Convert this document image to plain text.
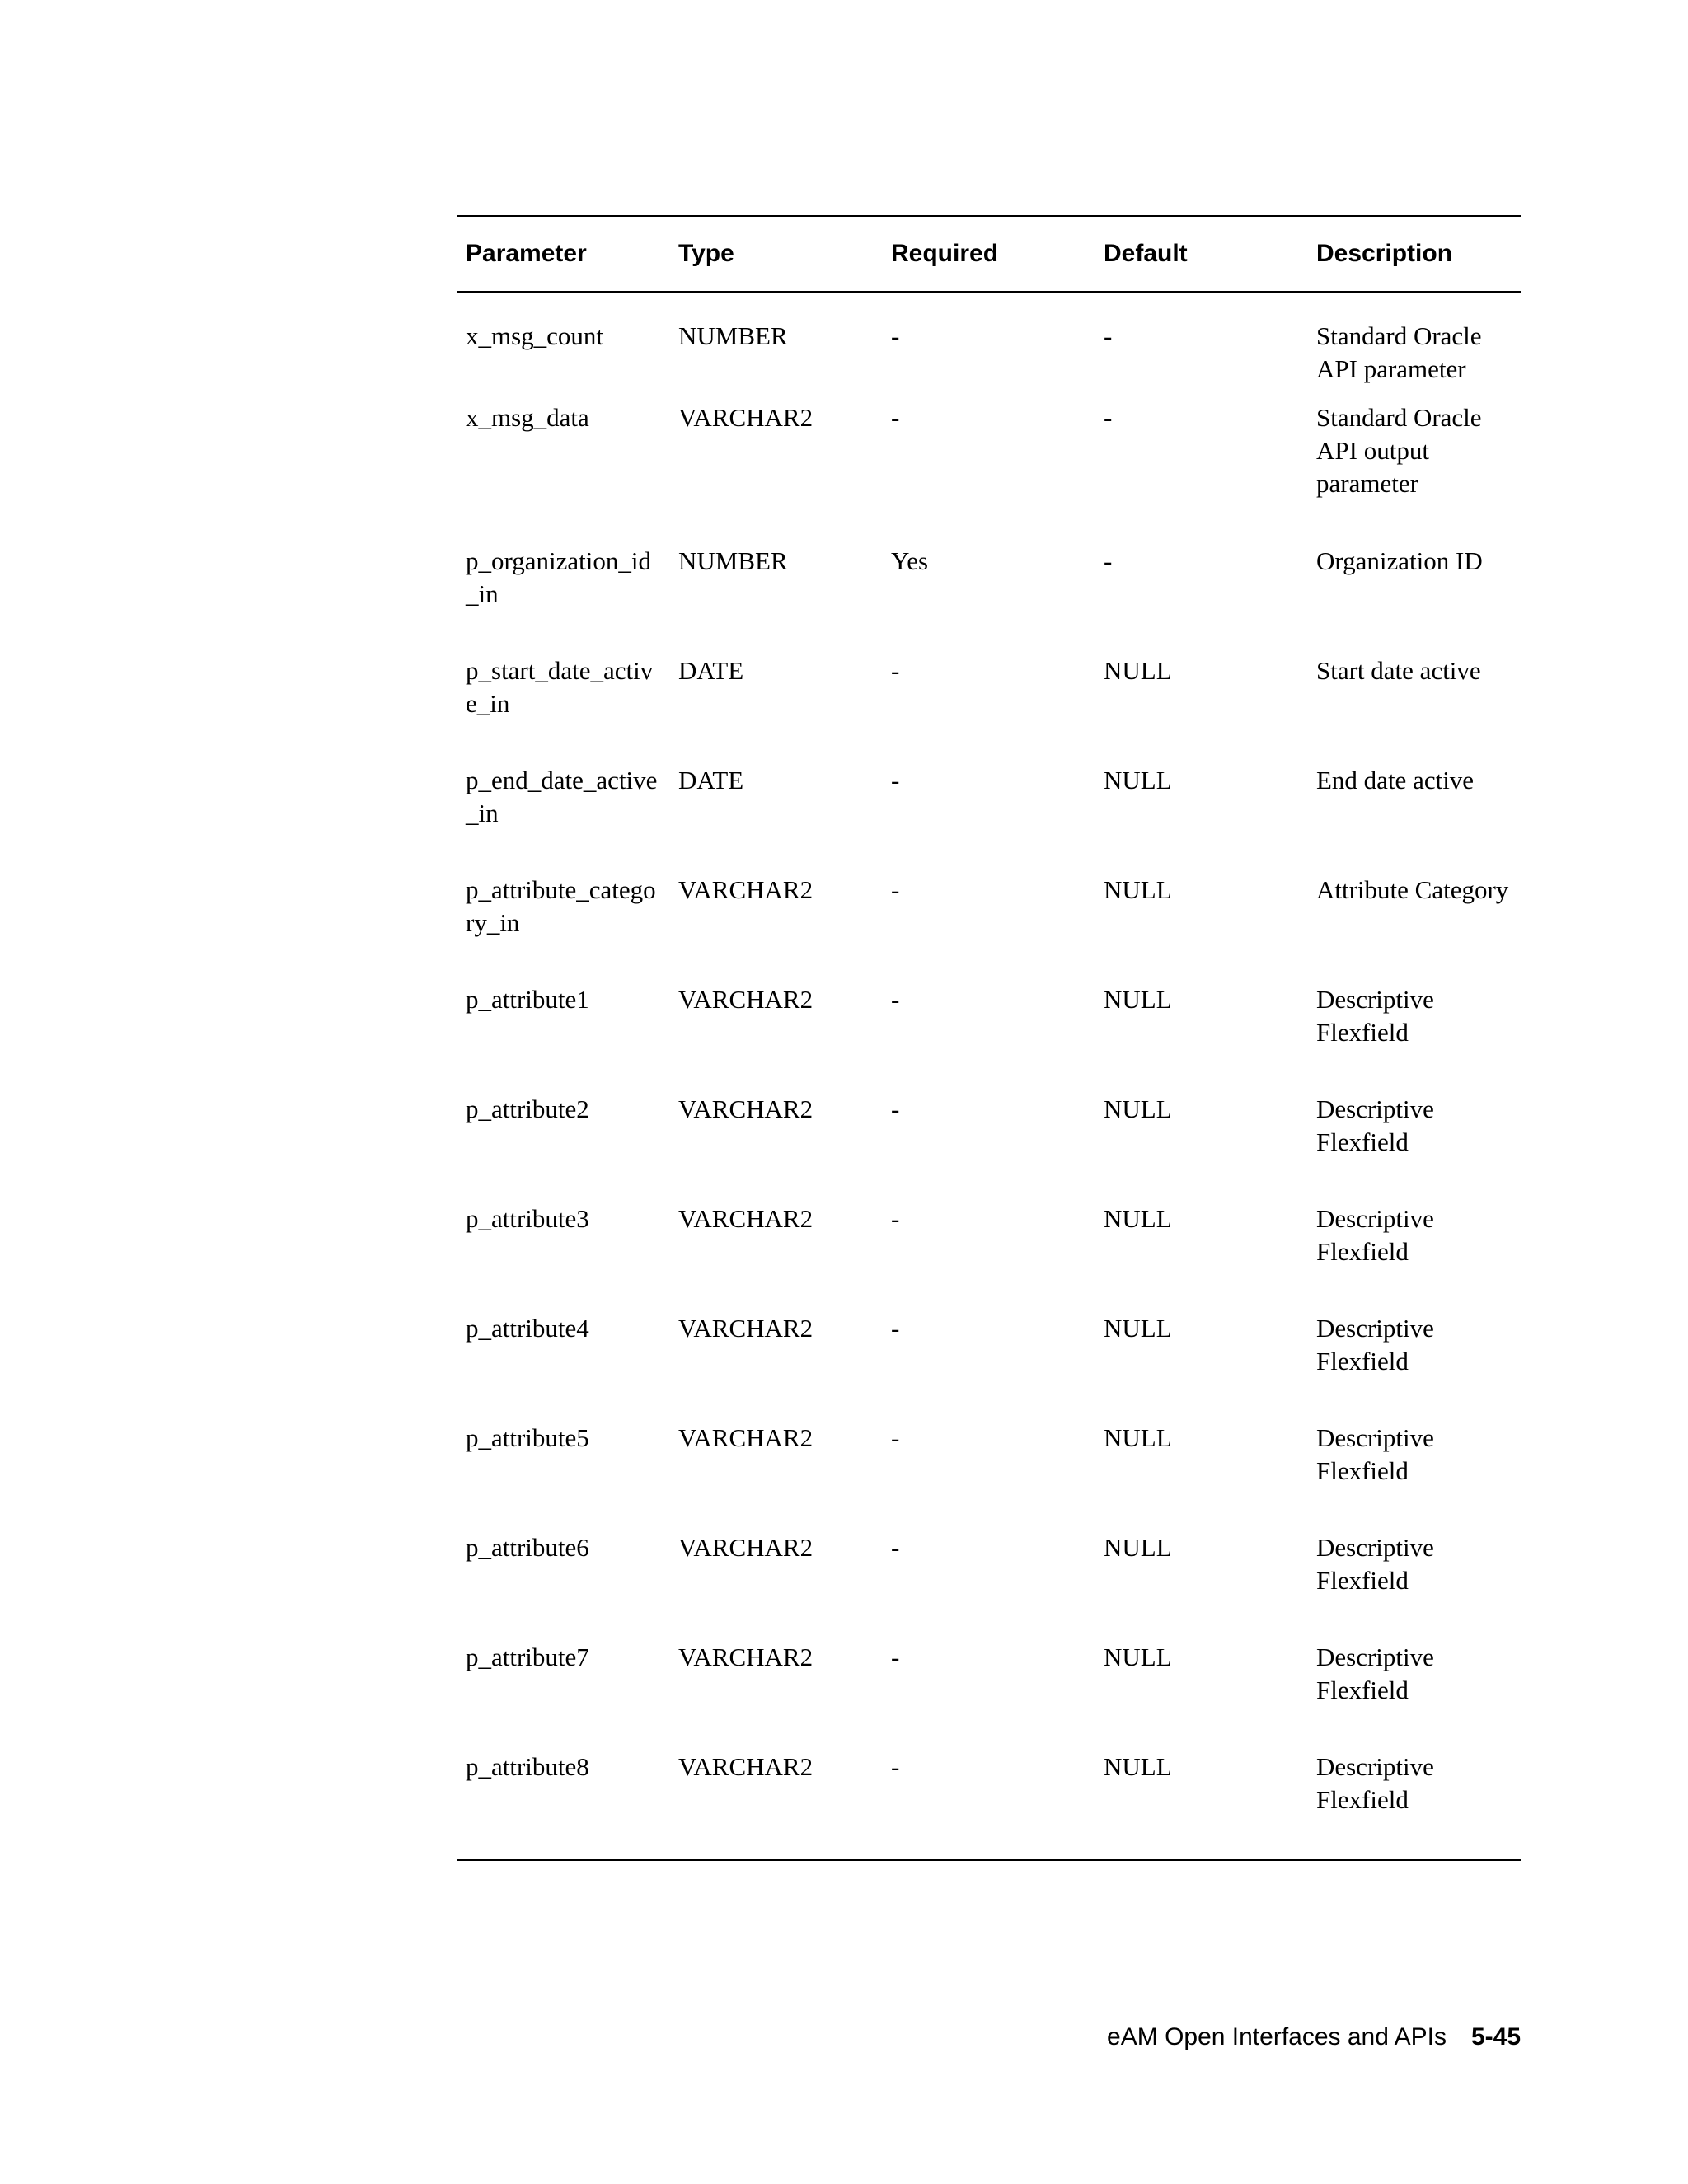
Parameter	Type	Required	Default	Description
x_msg_count	NUMBER	-	-	Standard Oracle API parameter
x_msg_data	VARCHAR2	-	-	Standard Oracle API output parameter
p_organization_id_in	NUMBER	Yes	-	Organization ID
p_start_date_active_in	DATE	-	NULL	Start date active
p_end_date_active_in	DATE	-	NULL	End date active
p_attribute_category_in	VARCHAR2	-	NULL	Attribute Category
p_attribute1	VARCHAR2	-	NULL	Descriptive Flexfield
p_attribute2	VARCHAR2	-	NULL	Descriptive Flexfield
p_attribute3	VARCHAR2	-	NULL	Descriptive Flexfield
p_attribute4	VARCHAR2	-	NULL	Descriptive Flexfield
p_attribute5	VARCHAR2	-	NULL	Descriptive Flexfield
p_attribute6	VARCHAR2	-	NULL	Descriptive Flexfield
p_attribute7	VARCHAR2	-	NULL	Descriptive Flexfield
p_attribute8	VARCHAR2	-	NULL	Descriptive Flexfield
eAM Open Interfaces and APIs 5-45
